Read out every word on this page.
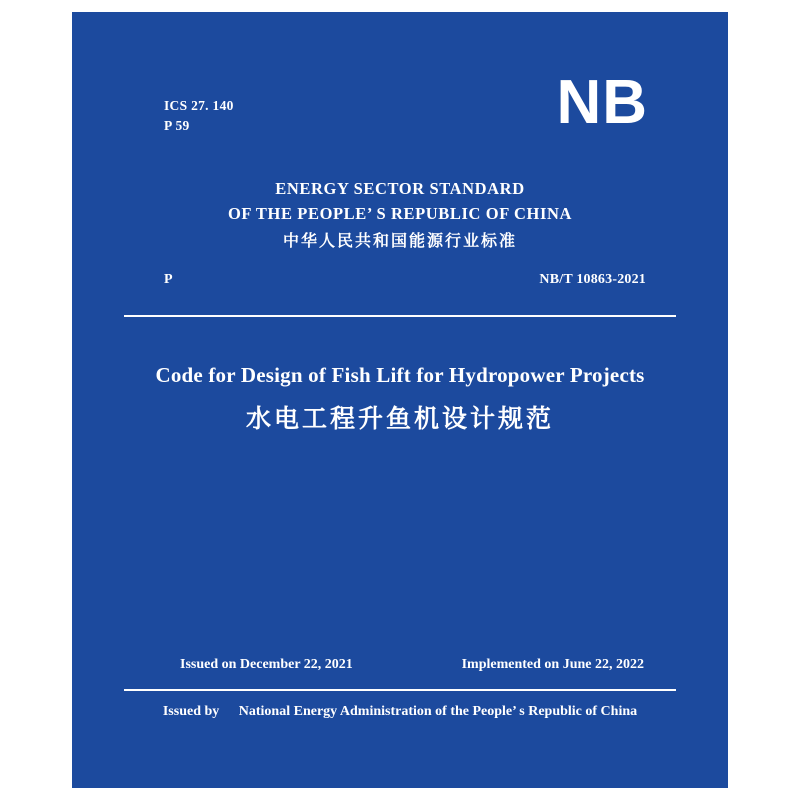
ICS 27. 140
P 59	NB
ENERGY SECTOR STANDARD
OF THE PEOPLE’ S REPUBLIC OF CHINA
中华人民共和国能源行业标准
P	NB/T 10863-2021
Code for Design of Fish Lift for Hydropower Projects
水电工程升鱼机设计规范
Issued on December 22, 2021	Implemented on June 22, 2022
Issued by National Energy Administration of the People’ s Republic of China
